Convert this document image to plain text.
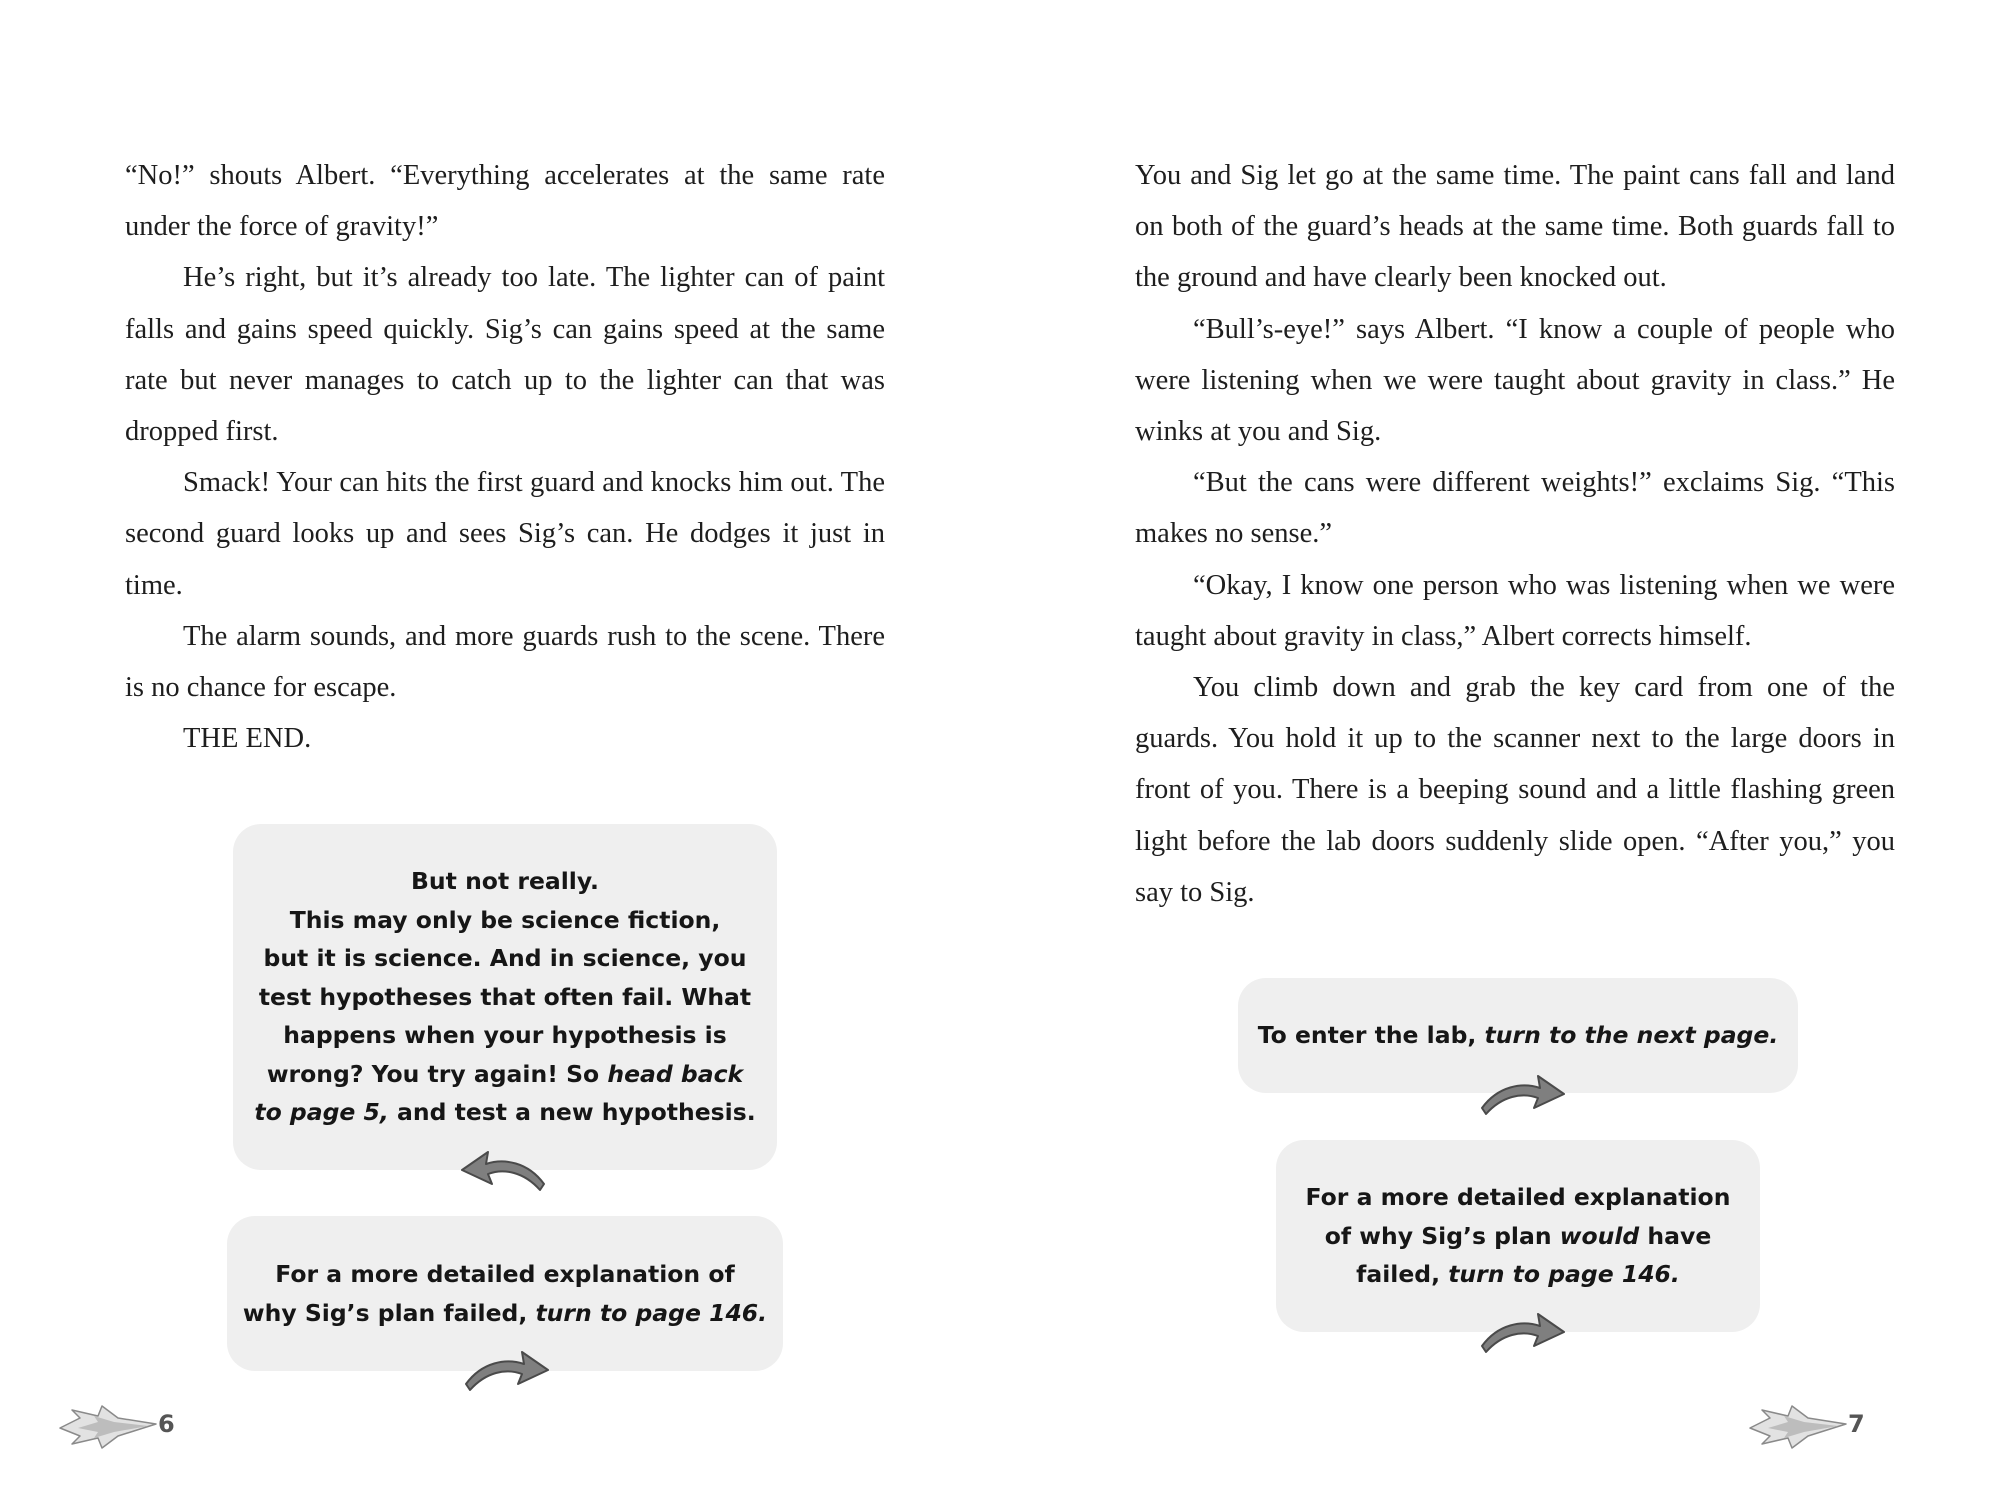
“No!” shouts Albert. “Everything accelerates at the same rate under the force of gravity!”

He’s right, but it’s already too late. The lighter can of paint falls and gains speed quickly. Sig’s can gains speed at the same rate but never manages to catch up to the lighter can that was dropped first.

Smack! Your can hits the first guard and knocks him out. The second guard looks up and sees Sig’s can. He dodges it just in time.

The alarm sounds, and more guards rush to the scene. There is no chance for escape.

THE END.

But not really.
This may only be science fiction,
but it is science. And in science, you
test hypotheses that often fail. What
happens when your hypothesis is
wrong? You try again! So head back
to page 5, and test a new hypothesis.
For a more detailed explanation of
why Sig’s plan failed, turn to page 146.
6

You and Sig let go at the same time. The paint cans fall and land on both of the guard’s heads at the same time. Both guards fall to the ground and have clearly been knocked out.

“Bull’s-eye!” says Albert. “I know a couple of people who were listening when we were taught about gravity in class.” He winks at you and Sig.

“But the cans were different weights!” exclaims Sig. “This makes no sense.”

“Okay, I know one person who was listening when we were taught about gravity in class,” Albert corrects himself.

You climb down and grab the key card from one of the guards. You hold it up to the scanner next to the large doors in front of you. There is a beeping sound and a little flashing green light before the lab doors suddenly slide open. “After you,” you say to Sig.

To enter the lab, turn to the next page.
For a more detailed explanation
of why Sig’s plan would have
failed, turn to page 146.
7
